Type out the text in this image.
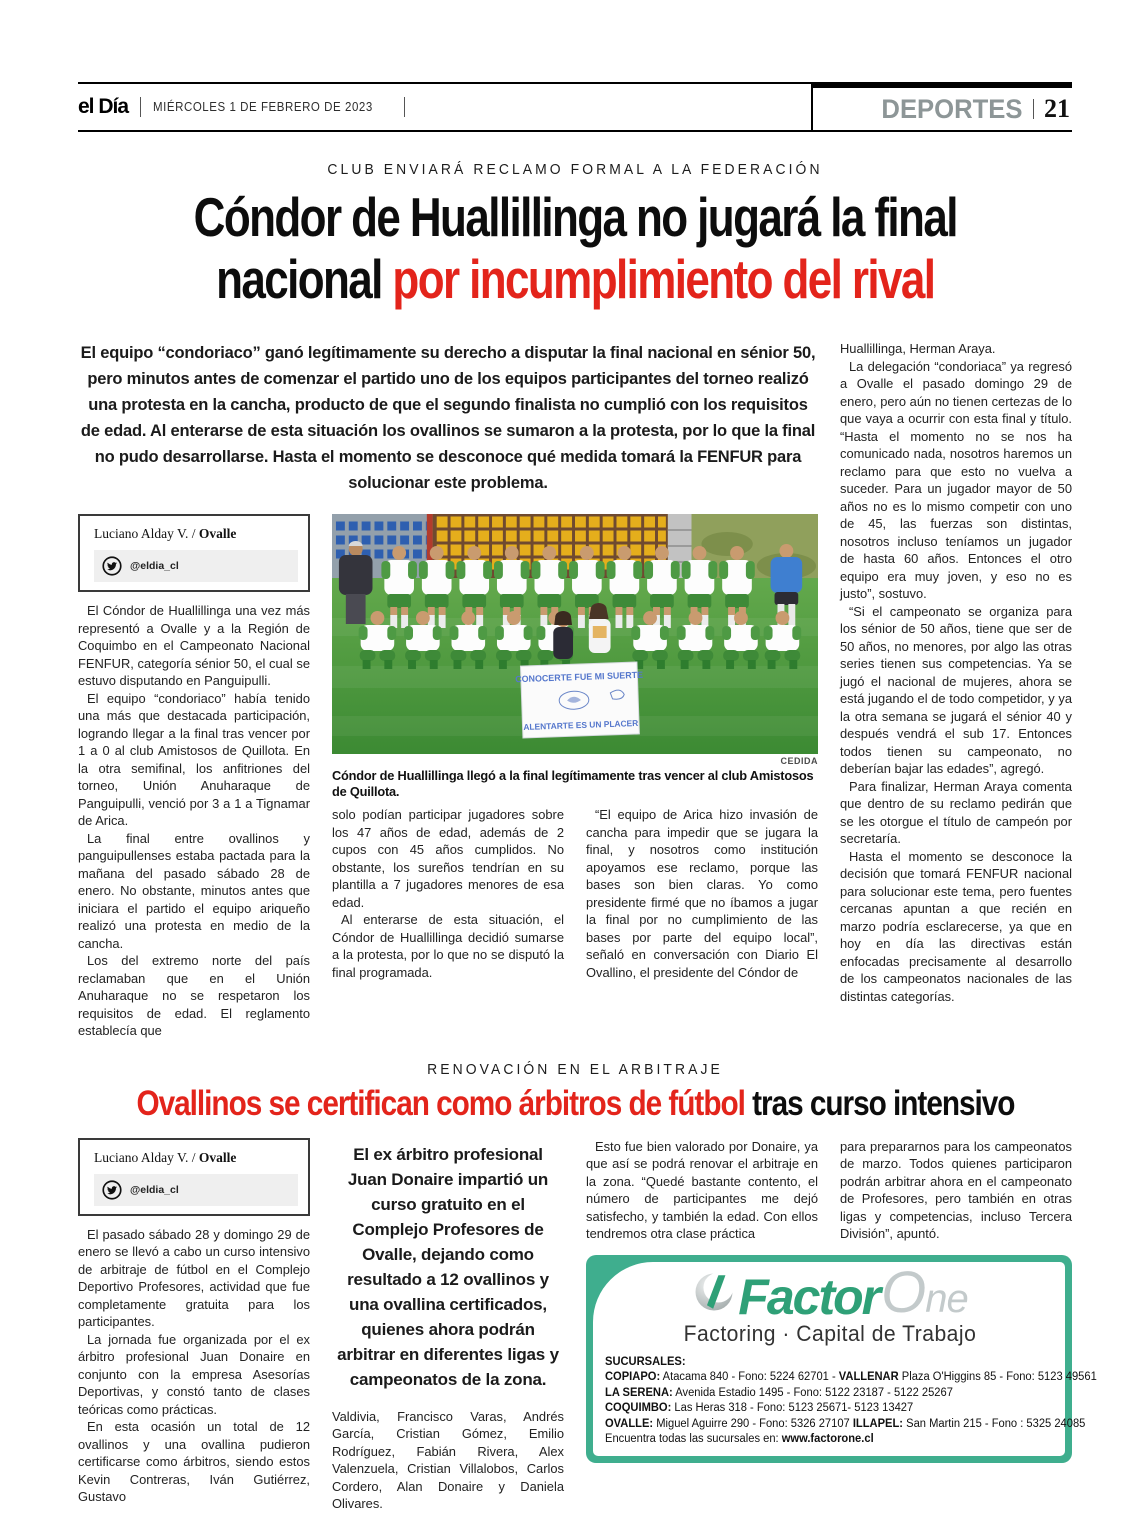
el Día MIÉRCOLES 1 DE FEBRERO DE 2023	DEPORTES 21
CLUB ENVIARÁ RECLAMO FORMAL A LA FEDERACIÓN
Cóndor de Huallillinga no jugará la final
nacional por incumplimiento del rival

El equipo “condoriaco” ganó legítimamente su derecho a disputar la final nacional en sénior 50, pero minutos antes de comenzar el partido uno de los equipos participantes del torneo realizó una protesta en la cancha, producto de que el segundo finalista no cumplió con los requisitos de edad. Al enterarse de esta situación los ovallinos se sumaron a la protesta, por lo que la final no pudo desarrollarse. Hasta el momento se desconoce qué medida tomará la FENFUR para solucionar este problema.

Luciano Alday V. / Ovalle
@eldia_cl

El Cóndor de Huallillinga una vez más representó a Ovalle y a la Región de Coquimbo en el Campeonato Nacional FENFUR, categoría sénior 50, el cual se estuvo disputando en Panguipulli.

El equipo “condoriaco” había tenido una más que destacada participación, logrando llegar a la final tras vencer por 1 a 0 al club Amistosos de Quillota. En la otra semifinal, los anfitriones del torneo, Unión Anuharaque de Panguipulli, venció por 3 a 1 a Tignamar de Arica.

La final entre ovallinos y panguipullenses estaba pactada para la mañana del pasado sábado 28 de enero. No obstante, minutos antes que iniciara el partido el equipo ariqueño realizó una protesta en medio de la cancha.

Los del extremo norte del país reclamaban que en el Unión Anuharaque no se respetaron los requisitos de edad. El reglamento establecía que

CONOCERTE FUE MI SUERTE
ALENTARTE ES UN PLACER
CEDIDA
Cóndor de Huallillinga llegó a la final legítimamente tras vencer al club Amistosos de Quillota.

solo podían participar jugadores sobre los 47 años de edad, además de 2 cupos con 45 años cumplidos. No obstante, los sureños tendrían en su plantilla a 7 jugadores menores de esa edad.

Al enterarse de esta situación, el Cóndor de Huallillinga decidió sumarse a la protesta, por lo que no se disputó la final programada.

“El equipo de Arica hizo invasión de cancha para impedir que se jugara la final, y nosotros como institución apoyamos ese reclamo, porque las bases son bien claras. Yo como presidente firmé que no íbamos a jugar la final por no cumplimiento de las bases por parte del equipo local”, señaló en conversación con Diario El Ovallino, el presidente del Cóndor de

Huallillinga, Herman Araya.

La delegación “condoriaca” ya regresó a Ovalle el pasado domingo 29 de enero, pero aún no tienen certezas de lo que vaya a ocurrir con esta final y título. “Hasta el momento no se nos ha comunicado nada, nosotros haremos un reclamo para que esto no vuelva a suceder. Para un jugador mayor de 50 años no es lo mismo competir con uno de 45, las fuerzas son distintas, nosotros incluso teníamos un jugador de hasta 60 años. Entonces el otro equipo era muy joven, y eso no es justo”, sostuvo.

“Si el campeonato se organiza para los sénior de 50 años, tiene que ser de 50 años, no menores, por algo las otras series tienen sus competencias. Ya se jugó el nacional de mujeres, ahora se está jugando el de todo competidor, y ya la otra semana se jugará el sénior 40 y después vendrá el sub 17. Entonces todos tienen su campeonato, no deberían bajar las edades”, agregó.

Para finalizar, Herman Araya comenta que dentro de su reclamo pedirán que se les otorgue el título de campeón por secretaría.

Hasta el momento se desconoce la decisión que tomará FENFUR nacional para solucionar este tema, pero fuentes cercanas apuntan a que recién en marzo podría esclarecerse, ya que en hoy en día las directivas están enfocadas precisamente al desarrollo de los campeonatos nacionales de las distintas categorías.

RENOVACIÓN EN EL ARBITRAJE
Ovallinos se certifican como árbitros de fútbol tras curso intensivo
Luciano Alday V. / Ovalle
@eldia_cl

El pasado sábado 28 y domingo 29 de enero se llevó a cabo un curso intensivo de arbitraje de fútbol en el Complejo Deportivo Profesores, actividad que fue completamente gratuita para los participantes.

La jornada fue organizada por el ex árbitro profesional Juan Donaire en conjunto con la empresa Asesorías Deportivas, y constó tanto de clases teóricas como prácticas.

En esta ocasión un total de 12 ovallinos y una ovallina pudieron certificarse como árbitros, siendo estos Kevin Contreras, Iván Gutiérrez, Gustavo

El ex árbitro profesional Juan Donaire impartió un curso gratuito en el Complejo Profesores de Ovalle, dejando como resultado a 12 ovallinos y una ovallina certificados, quienes ahora podrán arbitrar en diferentes ligas y campeonatos de la zona.

Valdivia, Francisco Varas, Andrés García, Cristian Gómez, Emilio Rodríguez, Fabián Rivera, Alex Valenzuela, Cristian Villalobos, Carlos Cordero, Alan Donaire y Daniela Olivares.

Esto fue bien valorado por Donaire, ya que así se podrá renovar el arbitraje en la zona. “Quedé bastante contento, el número de participantes me dejó satisfecho, y también la edad. Con ellos tendremos otra clase práctica

para prepararnos para los campeonatos de marzo. Todos quienes participaron podrán arbitrar ahora en el campeonato de Profesores, pero también en otras ligas y competencias, incluso Tercera División”, apuntó.

Factor One
Factoring · Capital de Trabajo
SUCURSALES:
COPIAPO: Atacama 840 - Fono: 5224 62701 - VALLENAR Plaza O'Higgins 85 - Fono: 5123 49561
LA SERENA: Avenida Estadio 1495 - Fono: 5122 23187 - 5122 25267
COQUIMBO: Las Heras 318 - Fono: 5123 25671- 5123 13427
OVALLE: Miguel Aguirre 290 - Fono: 5326 27107 ILLAPEL: San Martin 215 - Fono : 5325 24085
Encuentra todas las sucursales en: www.factorone.cl
